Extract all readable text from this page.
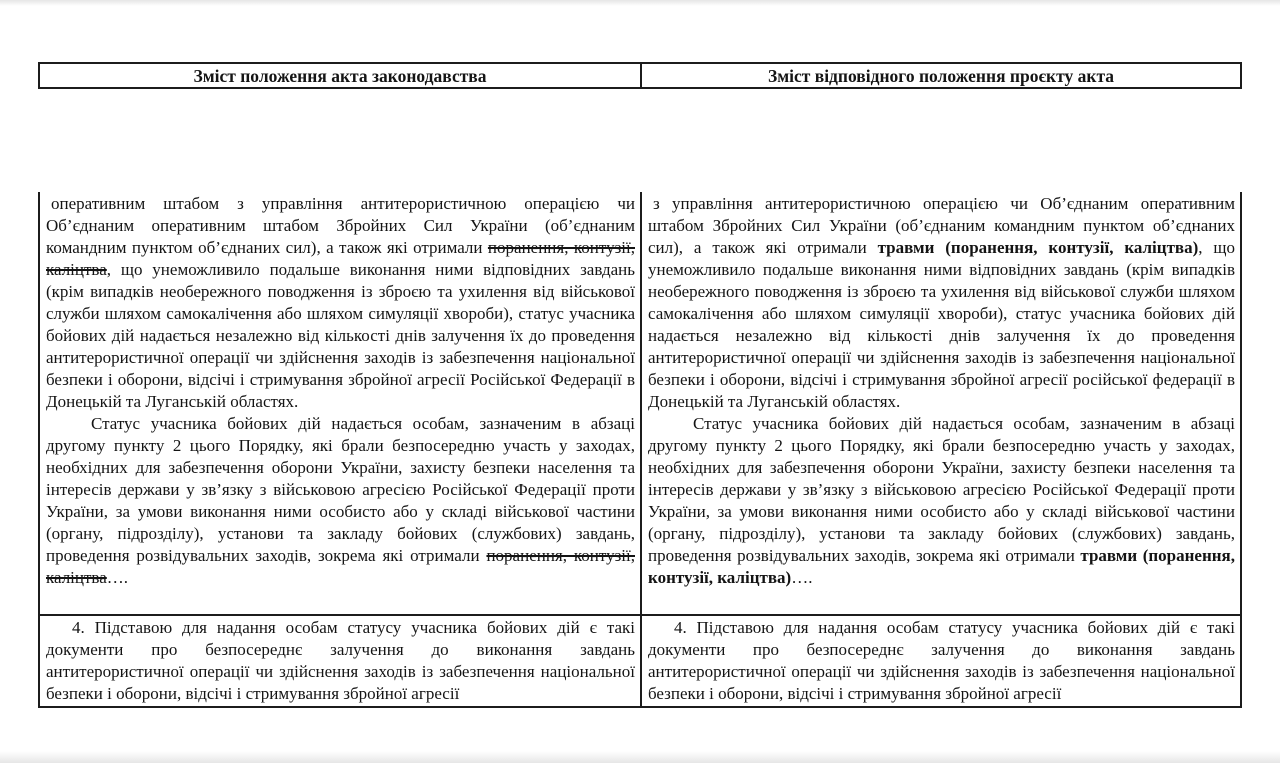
Зміст положення акта законодавства	Зміст відповідного положення проєкту акта

оперативним штабом з управління антитерористичною операцією чи Об’єднаним оперативним штабом Збройних Сил України (об’єднаним командним пунктом об’єднаних сил), а також які отримали поранення, контузії, каліцтва, що унеможливило подальше виконання ними відповідних завдань (крім випадків необережного поводження із зброєю та ухилення від військової служби шляхом самокалічення або шляхом симуляції хвороби), статус учасника бойових дій надається незалежно від кількості днів залучення їх до проведення антитерористичної операції чи здійснення заходів із забезпечення національної безпеки і оборони, відсічі і стримування збройної агресії Російської Федерації в Донецькій та Луганській областях.

Статус учасника бойових дій надається особам, зазначеним в абзаці другому пункту 2 цього Порядку, які брали безпосередню участь у заходах, необхідних для забезпечення оборони України, захисту безпеки населення та інтересів держави у зв’язку з військовою агресією Російської Федерації проти України, за умови виконання ними особисто або у складі військової частини (органу, підрозділу), установи та закладу бойових (службових) завдань, проведення розвідувальних заходів, зокрема які отримали поранення, контузії, каліцтва….

з управління антитерористичною операцією чи Об’єднаним оперативним штабом Збройних Сил України (об’єднаним командним пунктом об’єднаних сил), а також які отримали травми (поранення, контузії, каліцтва), що унеможливило подальше виконання ними відповідних завдань (крім випадків необережного поводження із зброєю та ухилення від військової служби шляхом самокалічення або шляхом симуляції хвороби), статус учасника бойових дій надається незалежно від кількості днів залучення їх до проведення антитерористичної операції чи здійснення заходів із забезпечення національної безпеки і оборони, відсічі і стримування збройної агресії російської федерації в Донецькій та Луганській областях.

Статус учасника бойових дій надається особам, зазначеним в абзаці другому пункту 2 цього Порядку, які брали безпосередню участь у заходах, необхідних для забезпечення оборони України, захисту безпеки населення та інтересів держави у зв’язку з військовою агресією Російської Федерації проти України, за умови виконання ними особисто або у складі військової частини (органу, підрозділу), установи та закладу бойових (службових) завдань, проведення розвідувальних заходів, зокрема які отримали травми (поранення, контузії, каліцтва)….

4. Підставою для надання особам статусу учасника бойових дій є такі документи про безпосереднє залучення до виконання завдань антитерористичної операції чи здійснення заходів із забезпечення національної безпеки і оборони, відсічі і стримування збройної агресії

4. Підставою для надання особам статусу учасника бойових дій є такі документи про безпосереднє залучення до виконання завдань антитерористичної операції чи здійснення заходів із забезпечення національної безпеки і оборони, відсічі і стримування збройної агресії
